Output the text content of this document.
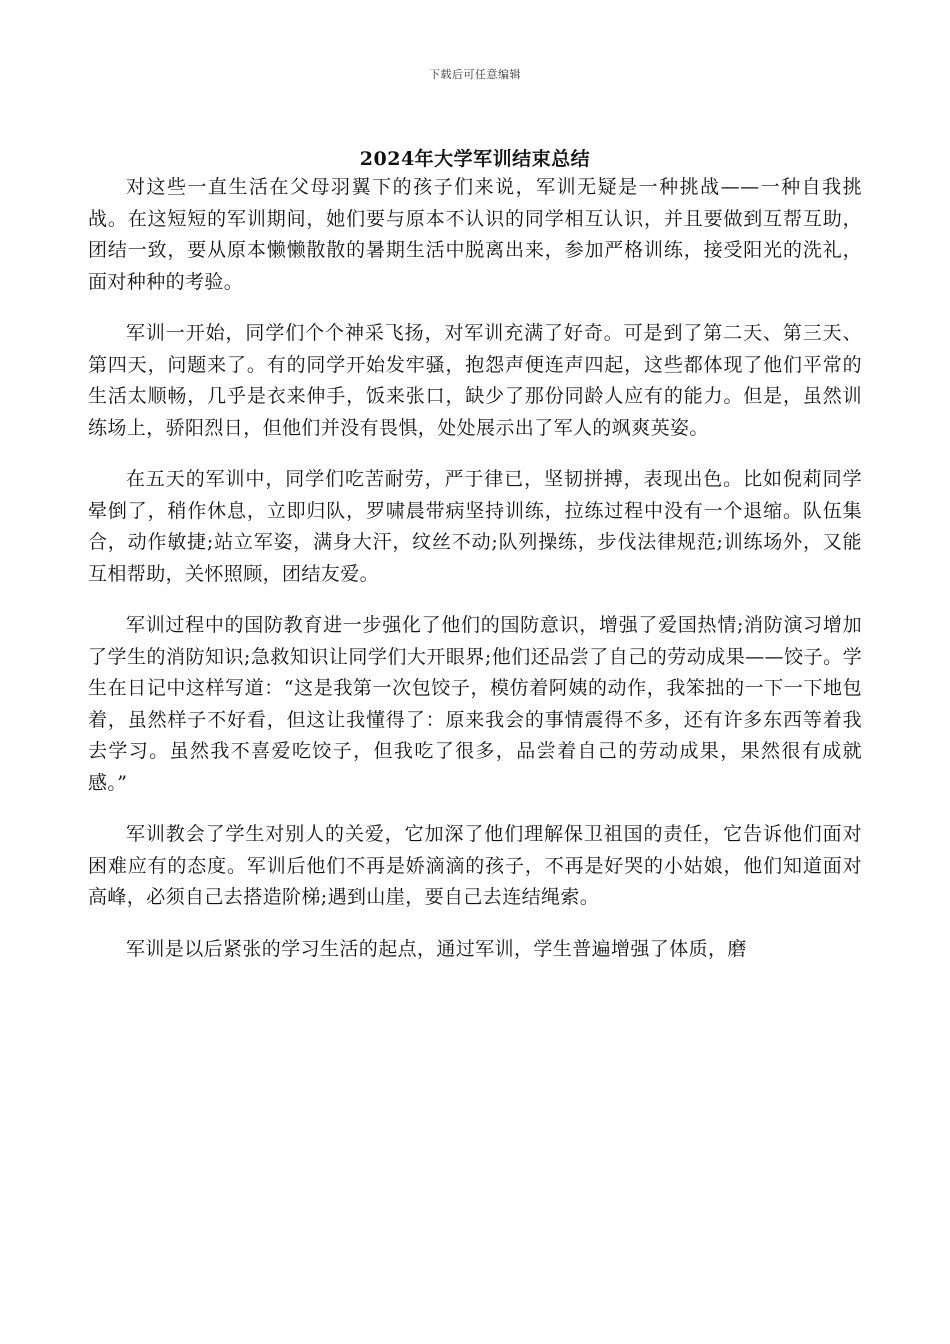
下载后可任意编辑
2024年大学军训结束总结

对这些一直生活在父母羽翼下的孩子们来说，军训无疑是一种挑战——一种自我挑战。在这短短的军训期间，她们要与原本不认识的同学相互认识，并且要做到互帮互助，团结一致，要从原本懒懒散散的暑期生活中脱离出来，参加严格训练，接受阳光的洗礼，面对种种的考验。

军训一开始，同学们个个神采飞扬，对军训充满了好奇。可是到了第二天、第三天、第四天，问题来了。有的同学开始发牢骚，抱怨声便连声四起，这些都体现了他们平常的生活太顺畅，几乎是衣来伸手，饭来张口，缺少了那份同龄人应有的能力。但是，虽然训练场上，骄阳烈日，但他们并没有畏惧，处处展示出了军人的飒爽英姿。

在五天的军训中，同学们吃苦耐劳，严于律已，坚韧拼搏，表现出色。比如倪莉同学晕倒了，稍作休息，立即归队，罗啸晨带病坚持训练，拉练过程中没有一个退缩。队伍集合，动作敏捷;站立军姿，满身大汗，纹丝不动;队列操练，步伐法律规范;训练场外，又能互相帮助，关怀照顾，团结友爱。

军训过程中的国防教育进一步强化了他们的国防意识，增强了爱国热情;消防演习增加了学生的消防知识;急救知识让同学们大开眼界;他们还品尝了自己的劳动成果——饺子。学生在日记中这样写道：“这是我第一次包饺子，模仿着阿姨的动作，我笨拙的一下一下地包着，虽然样子不好看，但这让我懂得了：原来我会的事情震得不多，还有许多东西等着我去学习。虽然我不喜爱吃饺子，但我吃了很多，品尝着自己的劳动成果，果然很有成就感。”

军训教会了学生对别人的关爱，它加深了他们理解保卫祖国的责任，它告诉他们面对困难应有的态度。军训后他们不再是娇滴滴的孩子，不再是好哭的小姑娘，他们知道面对高峰，必须自己去搭造阶梯;遇到山崖，要自己去连结绳索。

军训是以后紧张的学习生活的起点，通过军训，学生普遍增强了体质，磨
